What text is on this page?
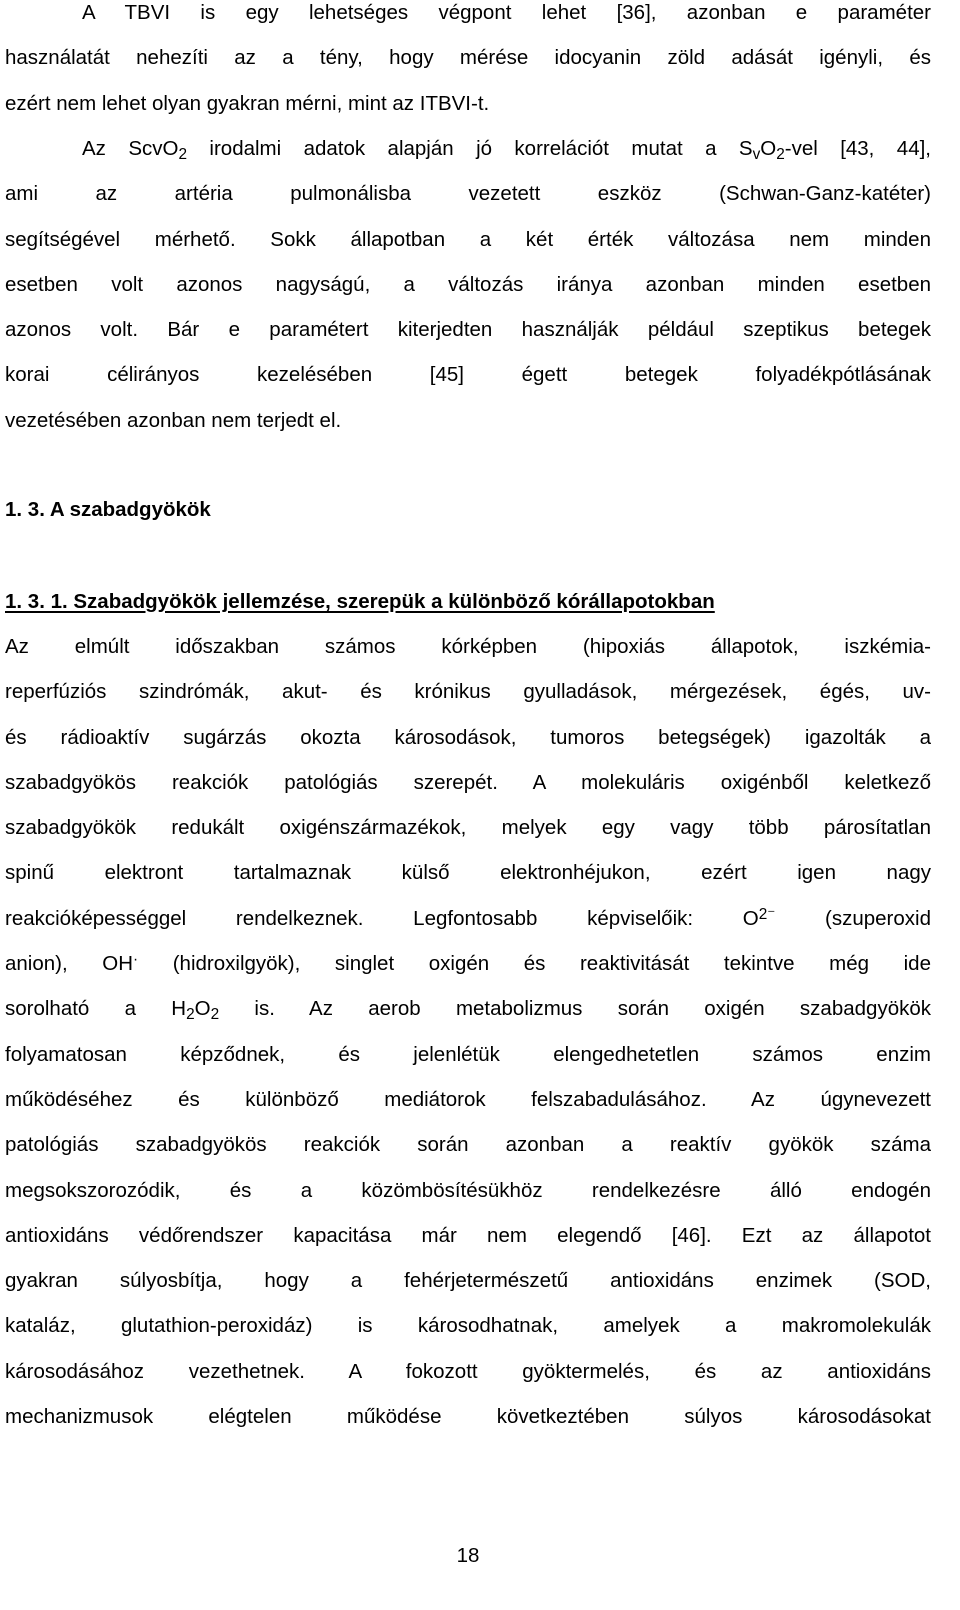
A TBVI is egy lehetséges végpont lehet [36], azonban e paraméter
használatát nehezíti az a tény, hogy mérése idocyanin zöld adását igényli, és
ezért nem lehet olyan gyakran mérni, mint az ITBVI-t.
Az ScvO$_2$ irodalmi adatok alapján jó korrelációt mutat a $S_vO_2$-vel [43, 44],
ami az artéria pulmonálisba vezetett eszköz (Schwan-Ganz-katéter)
segítségével mérhető. Sokk állapotban a két érték változása nem minden
esetben volt azonos nagyságú, a változás iránya azonban minden esetben
azonos volt. Bár e paramétert kiterjedten használják például szeptikus betegek
korai célirányos kezelésében [45] égett betegek folyadékpótlásának
vezetésében azonban nem terjedt el.
1. 3. A szabadgyökök
1. 3. 1. Szabadgyökök jellemzése, szerepük a különböző kórállapotokban
Az elmúlt időszakban számos kórképben (hipoxiás állapotok, iszkémia-
reperfúziós szindrómák, akut- és krónikus gyulladások, mérgezések, égés, uv-
és rádioaktív sugárzás okozta károsodások, tumoros betegségek) igazolták a
szabadgyökös reakciók patológiás szerepét. A molekuláris oxigénből keletkező
szabadgyökök redukált oxigénszármazékok, melyek egy vagy több párosítatlan
spinű elektront tartalmaznak külső elektronhéjukon, ezért igen nagy
reakcióképességgel rendelkeznek. Legfontosabb képviselőik: $O^{2^-}$ (szuperoxid
anion), OH· (hidroxilgyök), singlet oxigén és reaktivitását tekintve még ide
sorolható a $H_2O_2$ is. Az aerob metabolizmus során oxigén szabadgyökök
folyamatosan képződnek, és jelenlétük elengedhetetlen számos enzim
működéséhez és különböző mediátorok felszabadulásához. Az úgynevezett
patológiás szabadgyökös reakciók során azonban a reaktív gyökök száma
megsokszorozódik, és a közömbösítésükhöz rendelkezésre álló endogén
antioxidáns védőrendszer kapacitása már nem elegendő [46]. Ezt az állapotot
gyakran súlyosbítja, hogy a fehérjetermészetű antioxidáns enzimek (SOD,
kataláz, glutathion-peroxidáz) is károsodhatnak, amelyek a makromolekulák
károsodásához vezethetnek. A fokozott gyöktermelés, és az antioxidáns
mechanizmusok elégtelen működése következtében súlyos károsodásokat
18
